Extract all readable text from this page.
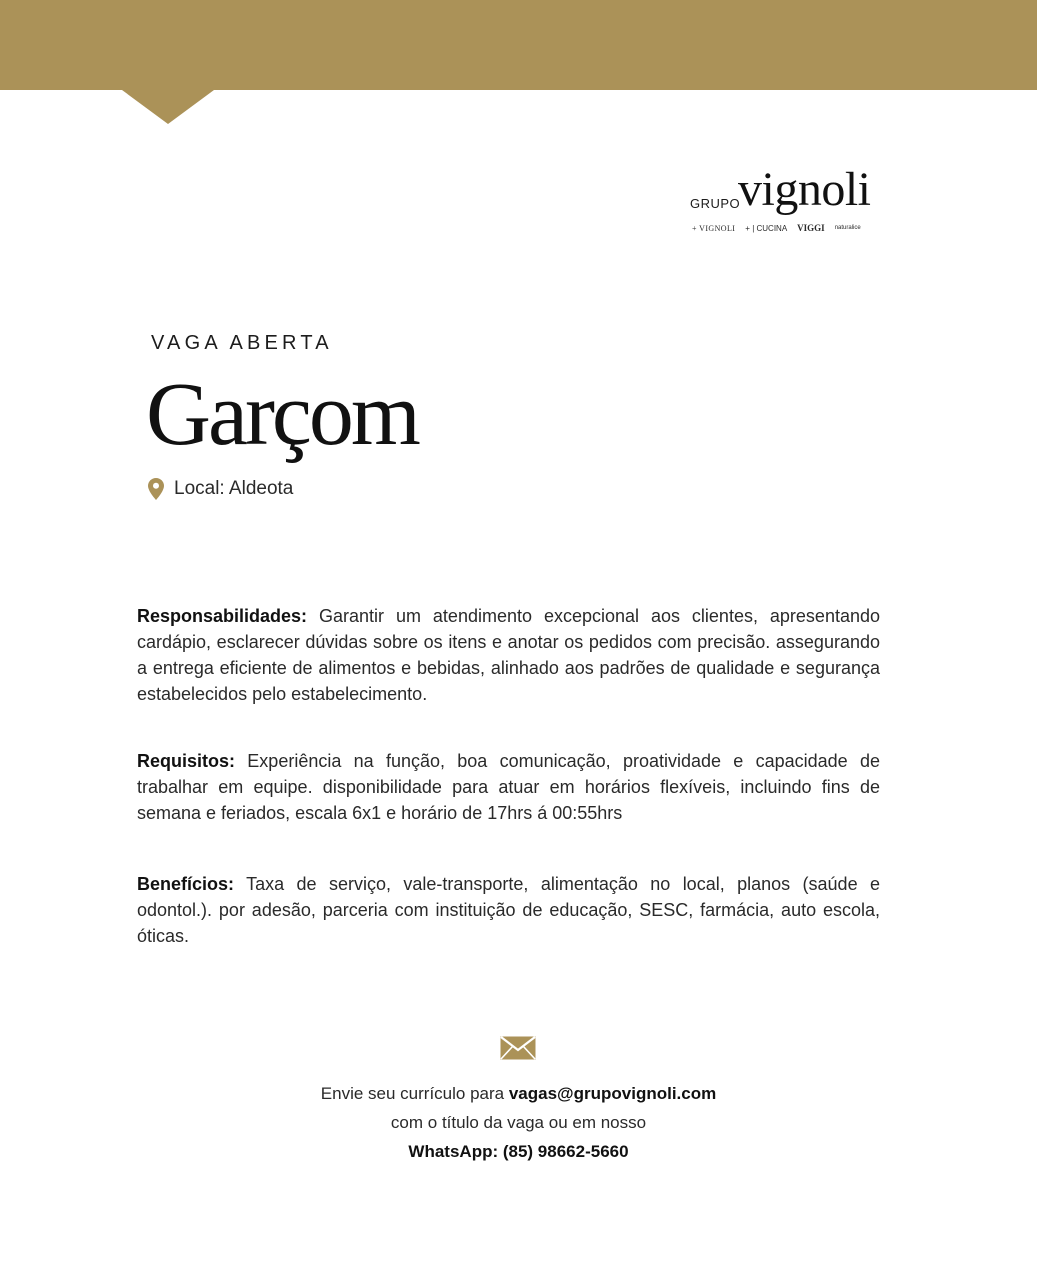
GRUPO
vignoli
+ VIGNOLI + | CUCINA VIGGI naturalice
VAGA ABERTA
Garçom
Local: Aldeota

Responsabilidades: Garantir um atendimento excepcional aos clientes, apresentando cardápio, esclarecer dúvidas sobre os itens e anotar os pedidos com precisão. assegurando a entrega eficiente de alimentos e bebidas, alinhado aos padrões de qualidade e segurança estabelecidos pelo estabelecimento.

Requisitos: Experiência na função, boa comunicação, proatividade e capacidade de trabalhar em equipe. disponibilidade para atuar em horários flexíveis, incluindo fins de semana e feriados, escala 6x1 e horário de 17hrs á 00:55hrs

Benefícios: Taxa de serviço, vale-transporte, alimentação no local, planos (saúde e odontol.). por adesão, parceria com instituição de educação, SESC, farmácia, auto escola, óticas.

Envie seu currículo para vagas@grupovignoli.com
com o título da vaga ou em nosso
WhatsApp: (85) 98662-5660
